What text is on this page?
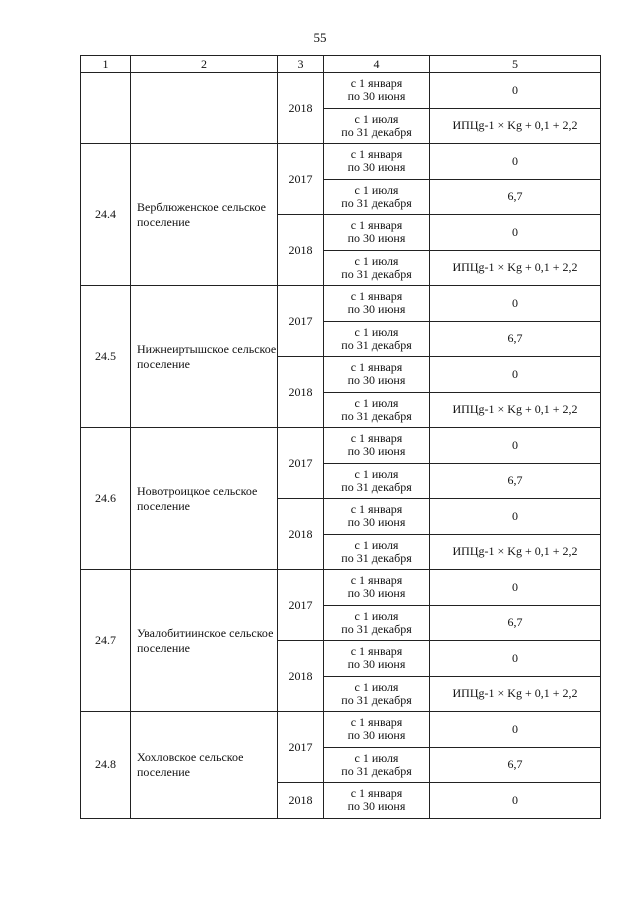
55
1	2	3	4	5
		2018	с 1 января
по 30 июня	0

			с 1 июля
по 31 декабря	ИПЦg-1 × Kg + 0,1 + 2,2
24.4	Верблюженское сельское поселение	2017	с 1 января
по 30 июня	0

			с 1 июля
по 31 декабря	6,7
		2018	с 1 января
по 30 июня	0

			с 1 июля
по 31 декабря	ИПЦg-1 × Kg + 0,1 + 2,2
24.5	Нижнеиртышское сельское поселение	2017	с 1 января
по 30 июня	0

			с 1 июля
по 31 декабря	6,7
		2018	с 1 января
по 30 июня	0

			с 1 июля
по 31 декабря	ИПЦg-1 × Kg + 0,1 + 2,2
24.6	Новотроицкое сельское поселение	2017	с 1 января
по 30 июня	0

			с 1 июля
по 31 декабря	6,7
		2018	с 1 января
по 30 июня	0

			с 1 июля
по 31 декабря	ИПЦg-1 × Kg + 0,1 + 2,2
24.7	Увалобитиинское сельское поселение	2017	с 1 января
по 30 июня	0

			с 1 июля
по 31 декабря	6,7
		2018	с 1 января
по 30 июня	0

			с 1 июля
по 31 декабря	ИПЦg-1 × Kg + 0,1 + 2,2
24.8	Хохловское сельское поселение	2017	с 1 января
по 30 июня	0

			с 1 июля
по 31 декабря	6,7
		2018	с 1 января
по 30 июня	0
